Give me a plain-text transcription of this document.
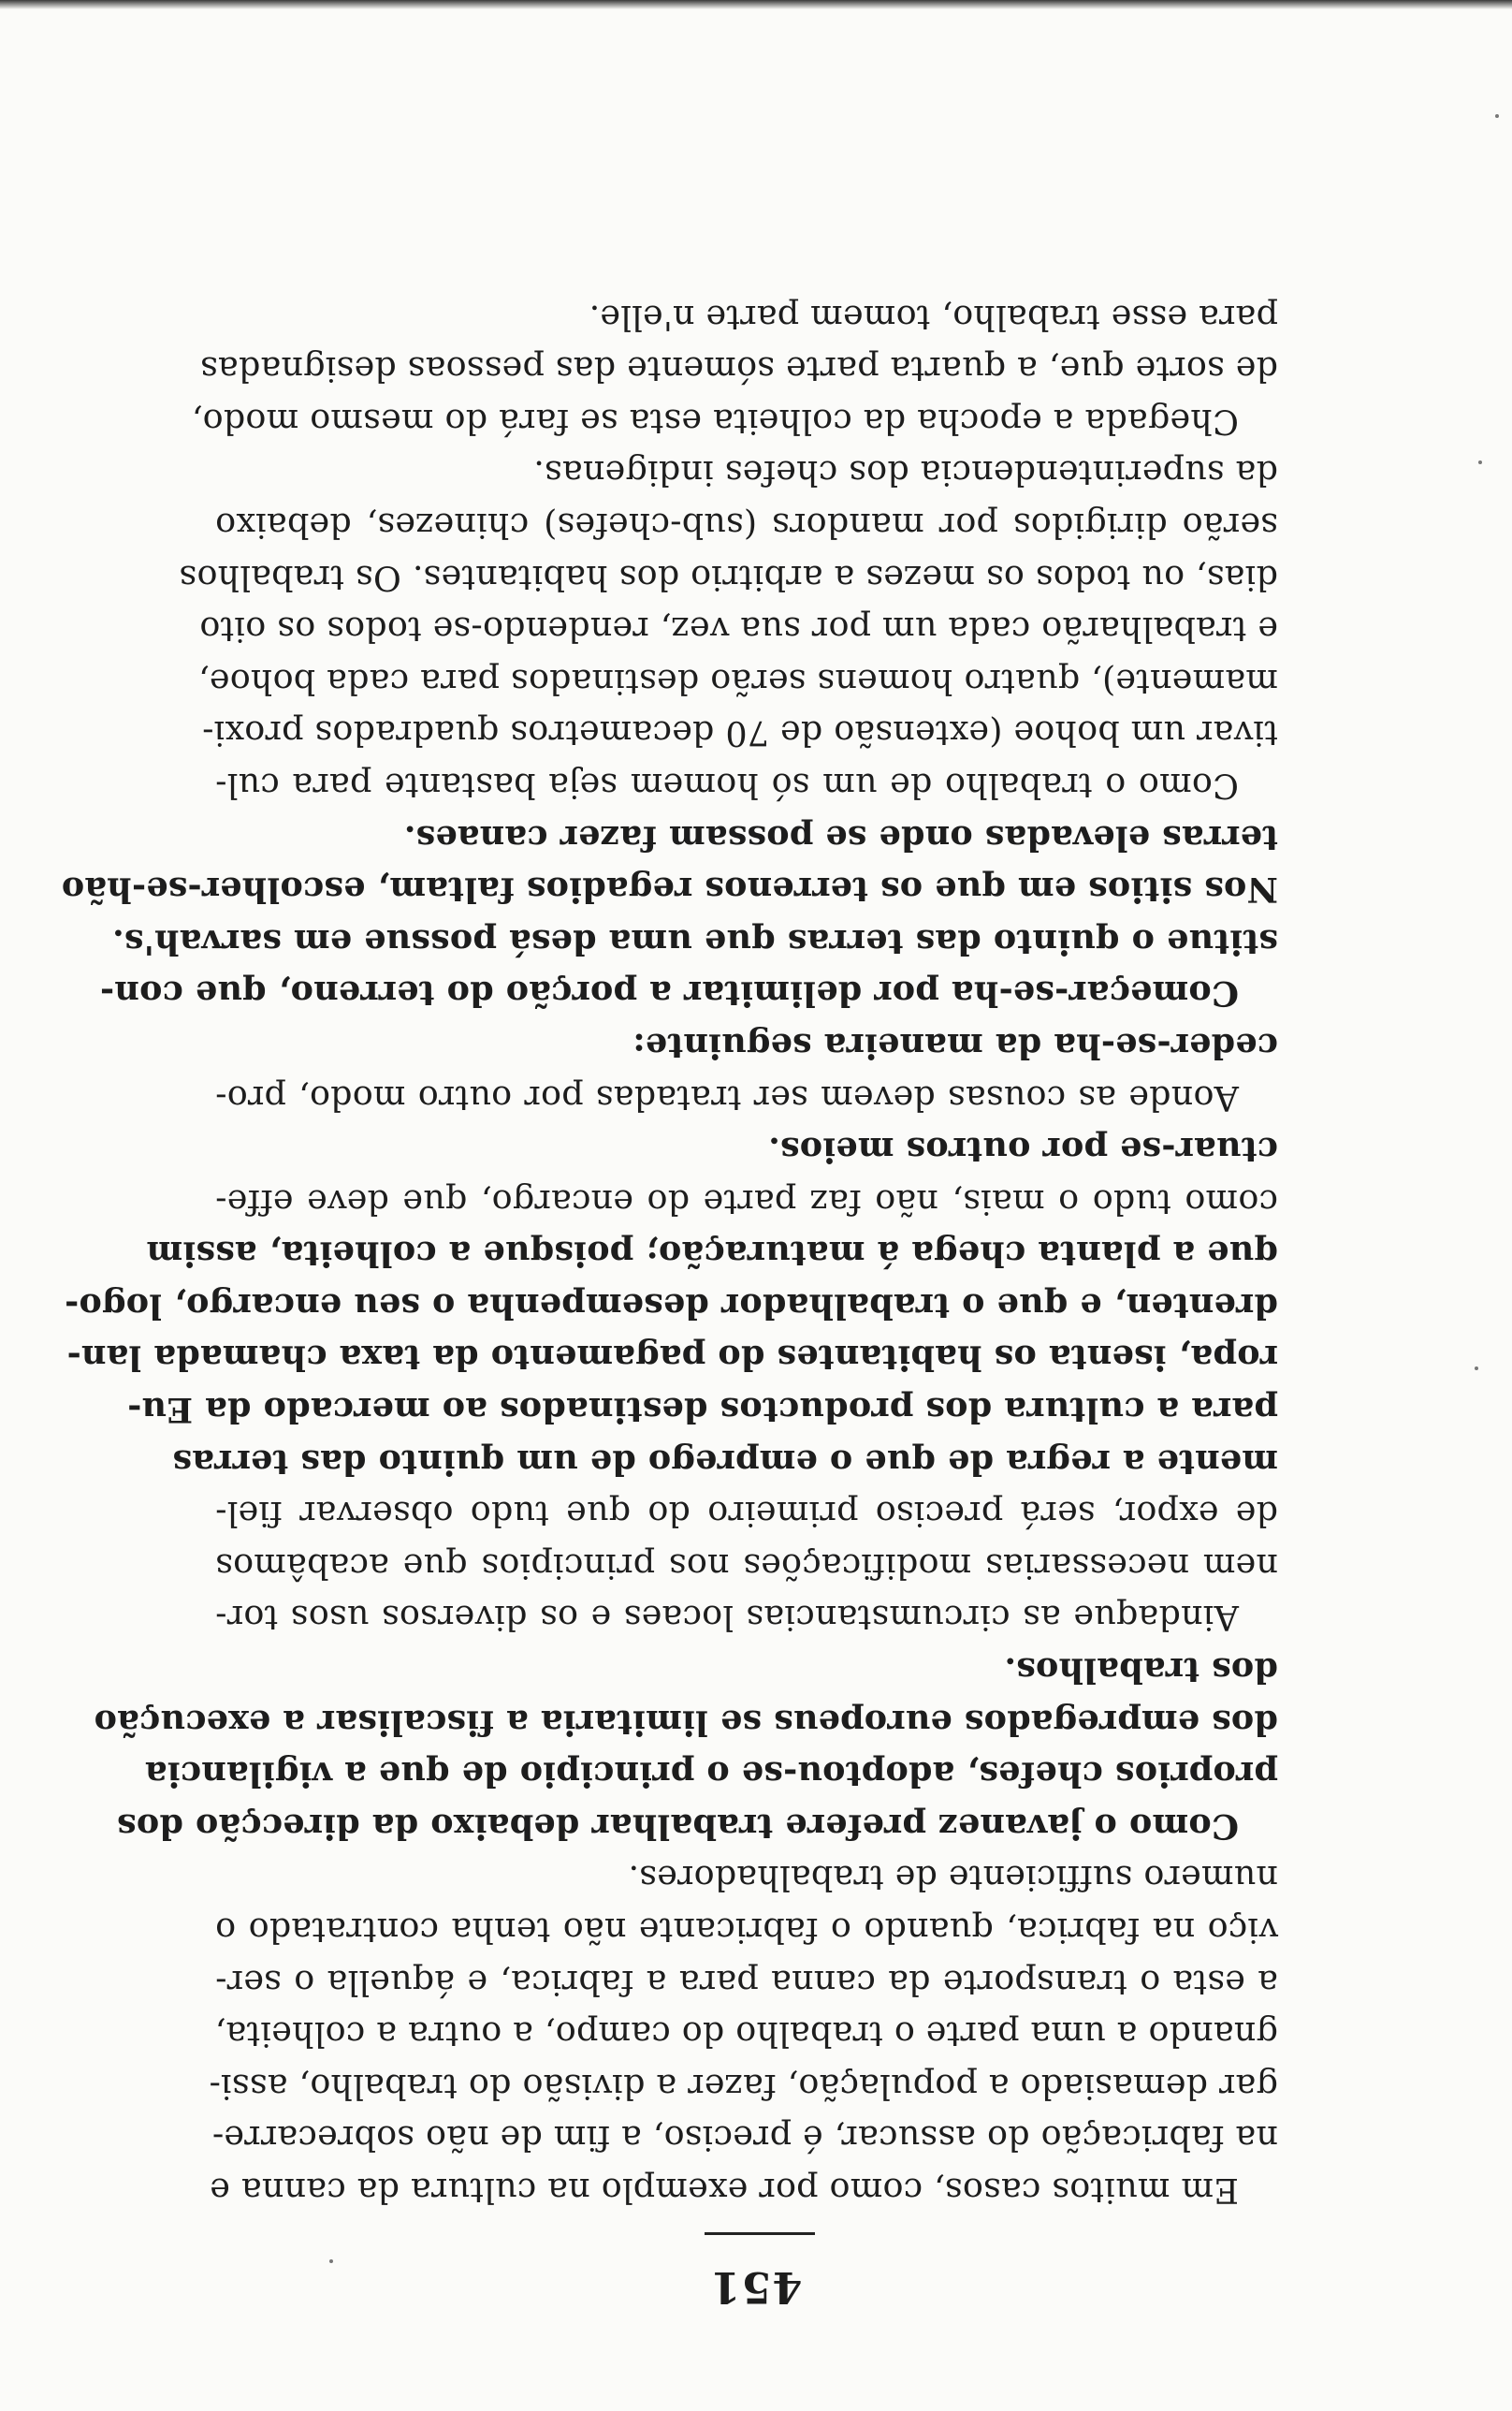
451
Em muitos casos, como por exemplo na cultura da canna e
na fabricação do assucar, é preciso, a fim de não sobrecarre-
gar demasiado a população, fazer a divisão do trabalho, assi-
gnando a uma parte o trabalho do campo, a outra a colheita,
a esta o transporte da canna para a fabrica, e áquella o ser-
viço na fabrica, quando o fabricante não tenha contratado o
numero sufficiente de trabalhadores.
Como o javanez prefere trabalhar debaixo da direcção dos
proprios chefes, adoptou-se o principio de que a vigilancia
dos empregados europeus se limitaria a fiscalisar a execução
dos trabalhos.
Aindaque as circumstancias locaes e os diversos usos tor-
nem necessarias modificações nos principios que acabâmos
de expor, será preciso primeiro do que tudo observar fiel-
mente a regra de que o emprego de um quinto das terras
para a cultura dos productos destinados ao mercado da Eu-
ropa, isenta os habitantes do pagamento da taxa chamada lan-
drenten, e que o trabalhador desempenha o seu encargo, logo-
que a planta chega á maturação; poisque a colheita, assim
como tudo o mais, não faz parte do encargo, que deve effe-
ctuar-se por outros meios.
Aonde as cousas devem ser tratadas por outro modo, pro-
ceder-se-ha da maneira seguinte:
Começar-se-ha por delimitar a porção do terreno, que con-
stitue o quinto das terras que uma desá possue em sarvah's.
Nos sitios em que os terrenos regadios faltam, escolher-se-hão
terras elevadas onde se possam fazer canaes.
Como o trabalho de um só homem seja bastante para cul-
tivar um bohoe (extensão de 70 decametros quadrados proxi-
mamente), quatro homens serão destinados para cada bohoe,
e trabalharão cada um por sua vez, rendendo-se todos os oito
dias, ou todos os mezes a arbitrio dos habitantes. Os trabalhos
serão dirigidos por mandors (sub-chefes) chinezes, debaixo
da superintendencia dos chefes indigenas.
Chegada a epocha da colheita esta se fará do mesmo modo,
de sorte que, a quarta parte sómente das pessoas designadas
para esse trabalho, tomem parte n'elle.
